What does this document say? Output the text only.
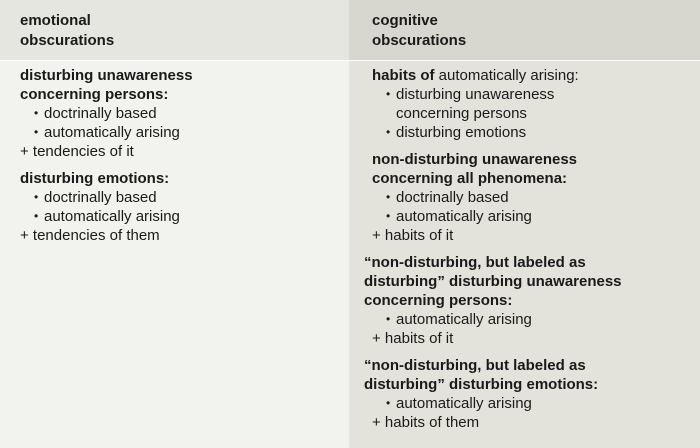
emotional
obscurations
disturbing unawareness
concerning persons:
• doctrinally based
• automatically arising
+ tendencies of it
disturbing emotions:
• doctrinally based
• automatically arising
+ tendencies of them
cognitive
obscurations
habits of automatically arising:
• disturbing unawareness
concerning persons
• disturbing emotions
non-disturbing unawareness
concerning all phenomena:
• doctrinally based
• automatically arising
+ habits of it
“non-disturbing, but labeled as
disturbing” disturbing unawareness
concerning persons:
• automatically arising
+ habits of it
“non-disturbing, but labeled as
disturbing” disturbing emotions:
• automatically arising
+ habits of them
